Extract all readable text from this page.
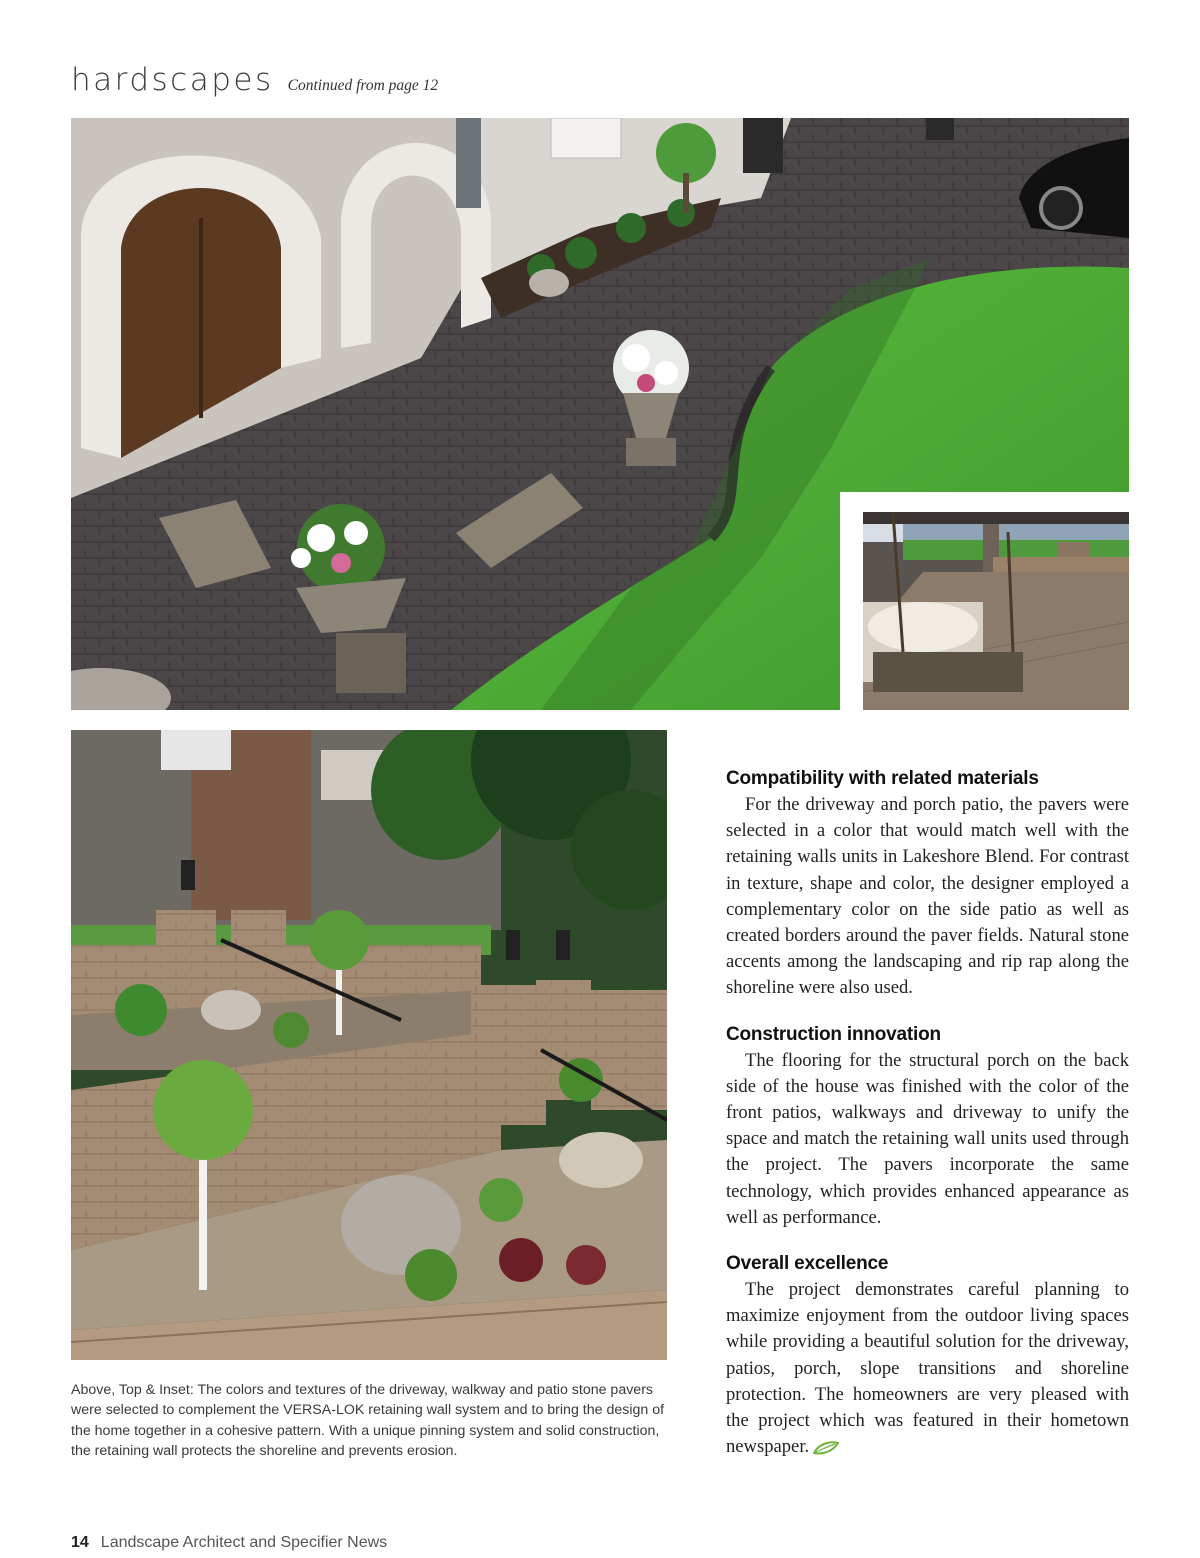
hardscapes Continued from page 12
Above, Top & Inset: The colors and textures of the driveway, walkway and patio stone pavers were selected to complement the VERSA-LOK retaining wall system and to bring the design of the home together in a cohesive pattern. With a unique pinning system and solid construction, the retaining wall protects the shoreline and prevents erosion.
Compatibility with related materials

For the driveway and porch patio, the pavers were selected in a color that would match well with the retaining walls units in Lakeshore Blend. For contrast in texture, shape and color, the designer employed a complementary color on the side patio as well as created borders around the paver fields. Natural stone accents among the landscaping and rip rap along the shoreline were also used.

Construction innovation

The flooring for the structural porch on the back side of the house was finished with the color of the front patios, walkways and driveway to unify the space and match the retaining wall units used through the project. The pavers incorporate the same technology, which provides enhanced appearance as well as performance.

Overall excellence

The project demonstrates careful planning to maximize enjoyment from the outdoor living spaces while providing a beautiful solution for the driveway, patios, porch, slope transitions and shoreline protection. The homeowners are very pleased with the project which was featured in their hometown newspaper.

14 Landscape Architect and Specifier News
